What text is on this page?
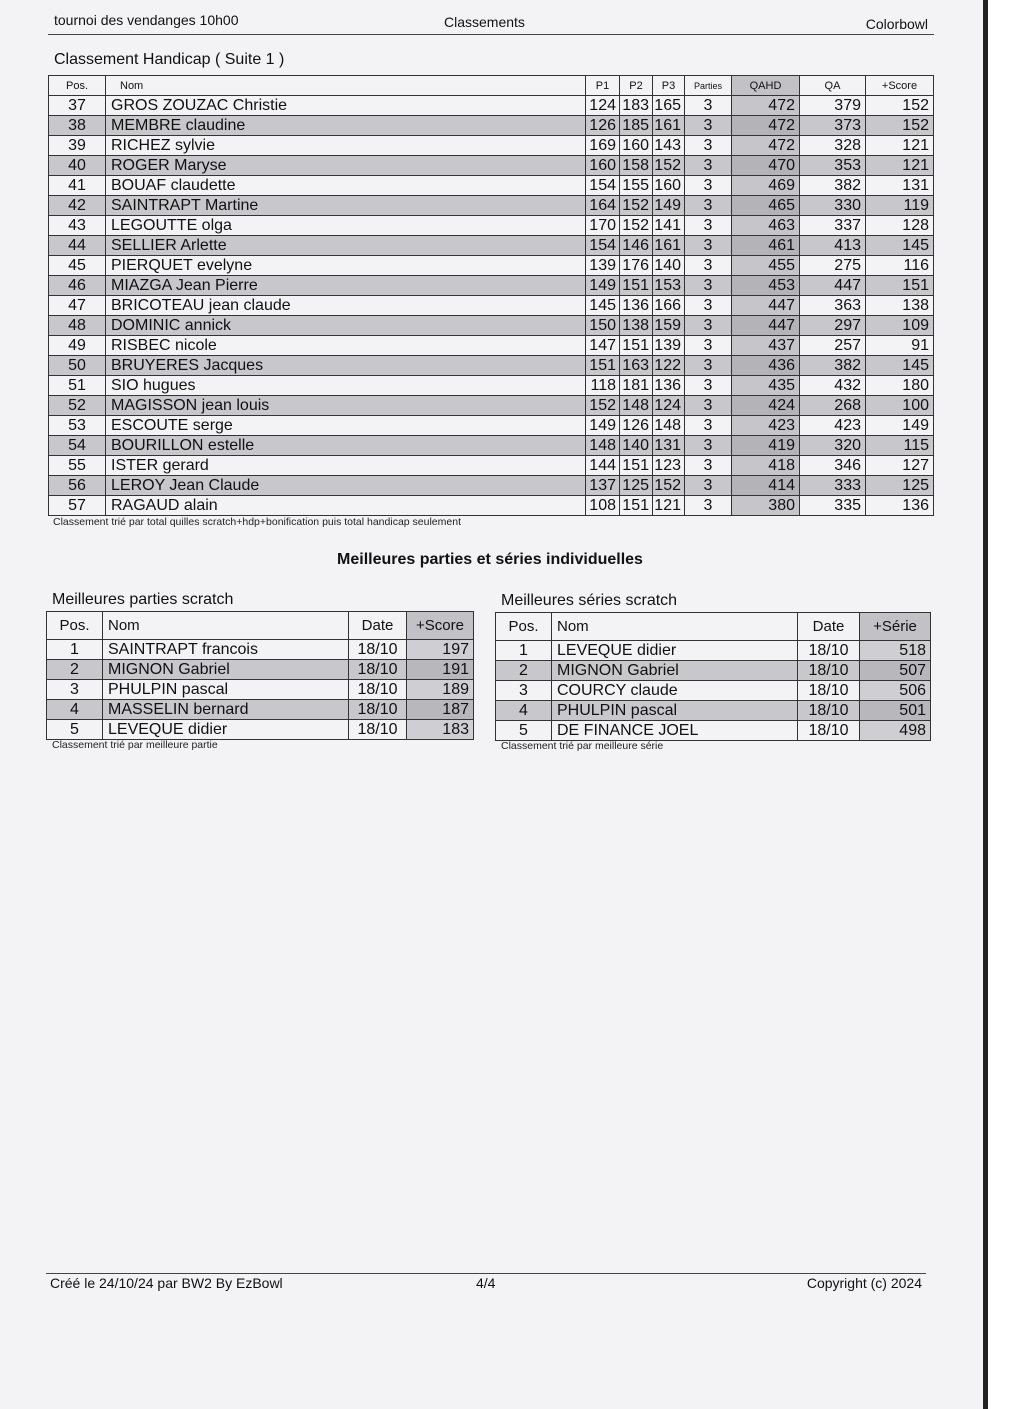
tournoi des vendanges 10h00	Classements	Colorbowl
Classement Handicap ( Suite 1 )
Pos.	Nom	P1	P2	P3	Parties	QAHD	QA	+Score
37	GROS ZOUZAC Christie	124	183	165	3	472	379	152
38	MEMBRE claudine	126	185	161	3	472	373	152
39	RICHEZ sylvie	169	160	143	3	472	328	121
40	ROGER Maryse	160	158	152	3	470	353	121
41	BOUAF claudette	154	155	160	3	469	382	131
42	SAINTRAPT Martine	164	152	149	3	465	330	119
43	LEGOUTTE olga	170	152	141	3	463	337	128
44	SELLIER Arlette	154	146	161	3	461	413	145
45	PIERQUET evelyne	139	176	140	3	455	275	116
46	MIAZGA Jean Pierre	149	151	153	3	453	447	151
47	BRICOTEAU jean claude	145	136	166	3	447	363	138
48	DOMINIC annick	150	138	159	3	447	297	109
49	RISBEC nicole	147	151	139	3	437	257	91
50	BRUYERES Jacques	151	163	122	3	436	382	145
51	SIO hugues	118	181	136	3	435	432	180
52	MAGISSON jean louis	152	148	124	3	424	268	100
53	ESCOUTE serge	149	126	148	3	423	423	149
54	BOURILLON estelle	148	140	131	3	419	320	115
55	ISTER gerard	144	151	123	3	418	346	127
56	LEROY Jean Claude	137	125	152	3	414	333	125
57	RAGAUD alain	108	151	121	3	380	335	136
Classement trié par total quilles scratch+hdp+bonification puis total handicap seulement
Meilleures parties et séries individuelles
Meilleures parties scratch
Pos.	Nom	Date	+Score
1	SAINTRAPT francois	18/10	197
2	MIGNON Gabriel	18/10	191
3	PHULPIN pascal	18/10	189
4	MASSELIN bernard	18/10	187
5	LEVEQUE didier	18/10	183
Classement trié par meilleure partie
Meilleures séries scratch
Pos.	Nom	Date	+Série
1	LEVEQUE didier	18/10	518
2	MIGNON Gabriel	18/10	507
3	COURCY claude	18/10	506
4	PHULPIN pascal	18/10	501
5	DE FINANCE JOEL	18/10	498
Classement trié par meilleure série
Créé le 24/10/24 par BW2 By EzBowl	4/4	Copyright (c) 2024
